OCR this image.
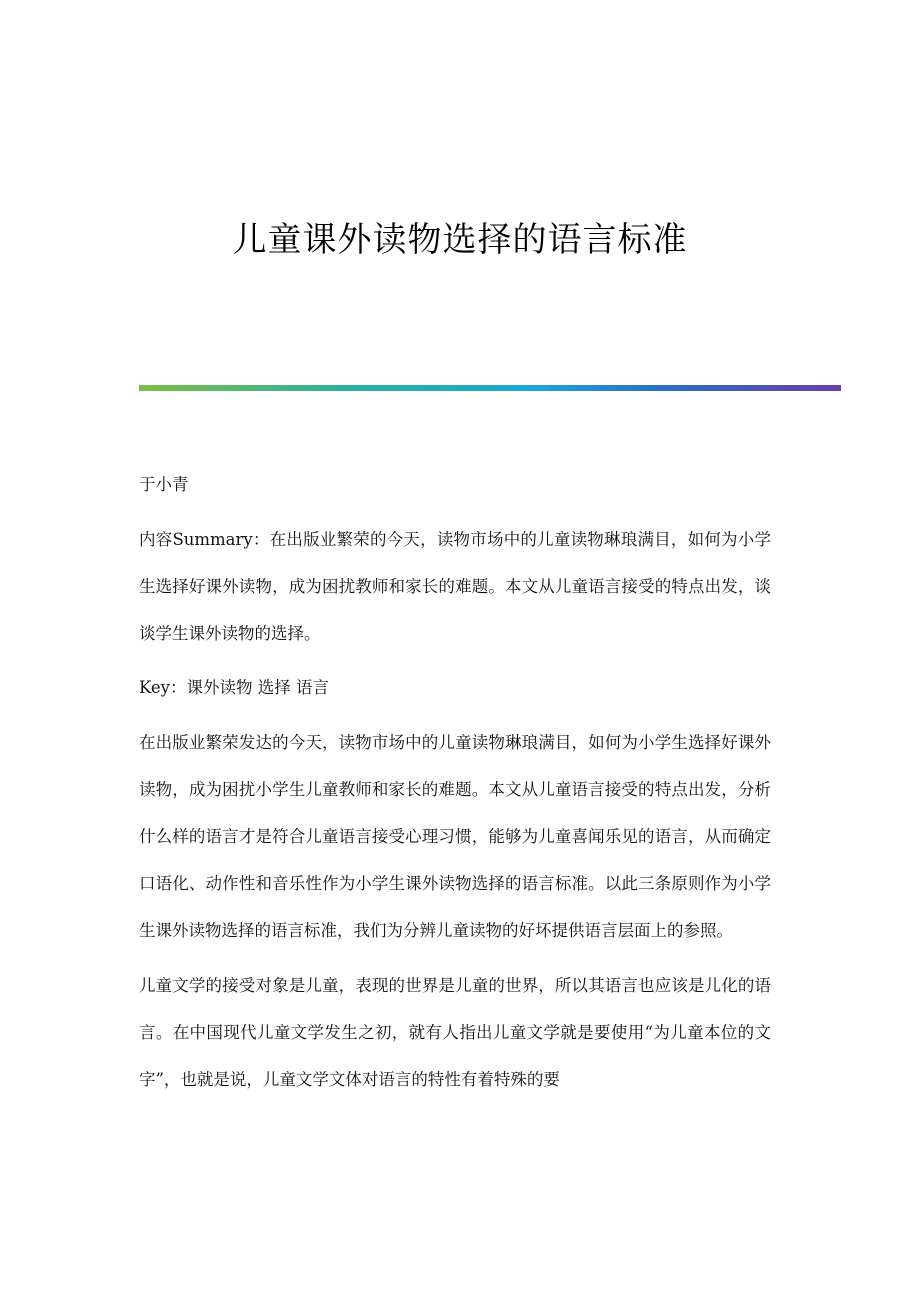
儿童课外读物选择的语言标准

于小青

内容Summary：在出版业繁荣的今天，读物市场中的儿童读物琳琅满目，如何为小学生选择好课外读物，成为困扰教师和家长的难题。本文从儿童语言接受的特点出发，谈谈学生课外读物的选择。

Key：课外读物 选择 语言

在出版业繁荣发达的今天，读物市场中的儿童读物琳琅满目，如何为小学生选择好课外读物，成为困扰小学生儿童教师和家长的难题。本文从儿童语言接受的特点出发，分析什么样的语言才是符合儿童语言接受心理习惯，能够为儿童喜闻乐见的语言，从而确定口语化、动作性和音乐性作为小学生课外读物选择的语言标准。以此三条原则作为小学生课外读物选择的语言标准，我们为分辨儿童读物的好坏提供语言层面上的参照。

儿童文学的接受对象是儿童，表现的世界是儿童的世界，所以其语言也应该是儿化的语言。在中国现代儿童文学发生之初，就有人指出儿童文学就是要使用“为儿童本位的文字”，也就是说，儿童文学文体对语言的特性有着特殊的要
